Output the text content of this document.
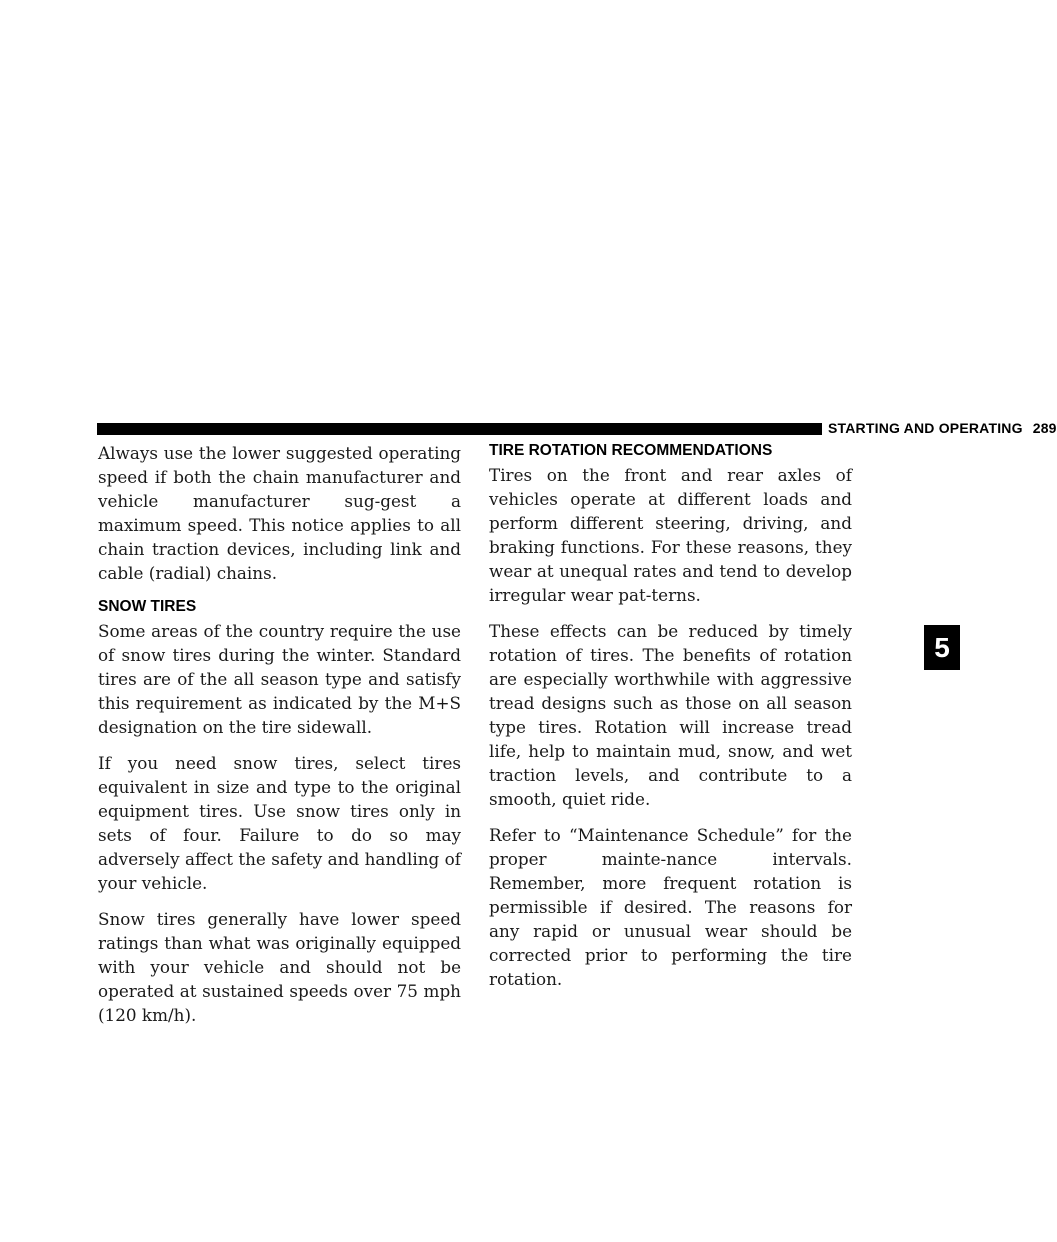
STARTING AND OPERATING 289
5

Always use the lower suggested operating speed if both the chain manufacturer and vehicle manufacturer sug-gest a maximum speed. This notice applies to all chain traction devices, including link and cable (radial) chains.

SNOW TIRES

Some areas of the country require the use of snow tires during the winter. Standard tires are of the all season type and satisfy this requirement as indicated by the M+S designation on the tire sidewall.

If you need snow tires, select tires equivalent in size and type to the original equipment tires. Use snow tires only in sets of four. Failure to do so may adversely affect the safety and handling of your vehicle.

Snow tires generally have lower speed ratings than what was originally equipped with your vehicle and should not be operated at sustained speeds over 75 mph (120 km/h).

TIRE ROTATION RECOMMENDATIONS

Tires on the front and rear axles of vehicles operate at different loads and perform different steering, driving, and braking functions. For these reasons, they wear at unequal rates and tend to develop irregular wear pat-terns.

These effects can be reduced by timely rotation of tires. The benefits of rotation are especially worthwhile with aggressive tread designs such as those on all season type tires. Rotation will increase tread life, help to maintain mud, snow, and wet traction levels, and contribute to a smooth, quiet ride.

Refer to “Maintenance Schedule” for the proper mainte-nance intervals. Remember, more frequent rotation is permissible if desired. The reasons for any rapid or unusual wear should be corrected prior to performing the tire rotation.
